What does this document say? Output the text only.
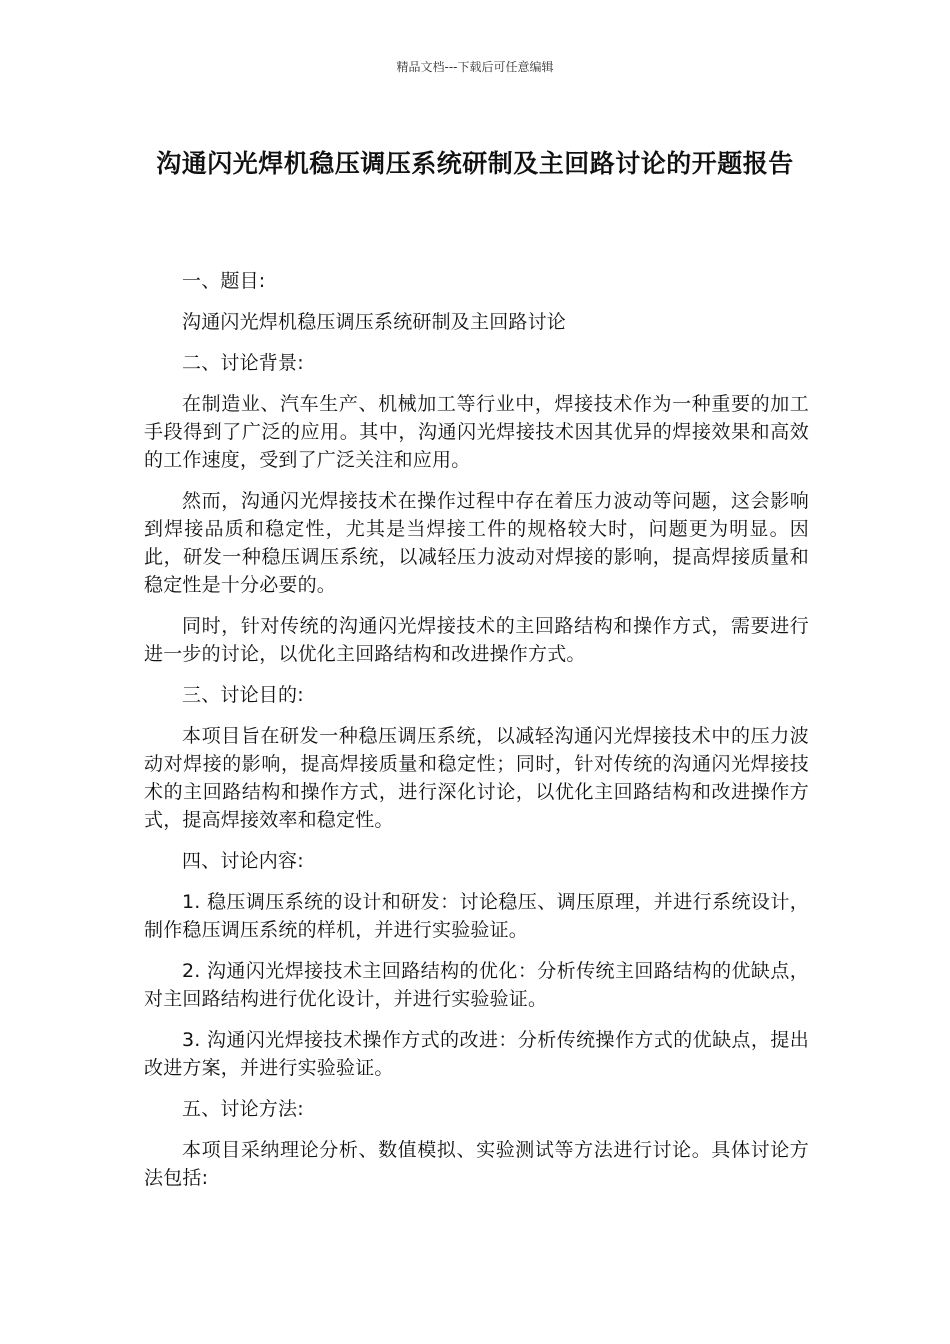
精品文档---下载后可任意编辑
沟通闪光焊机稳压调压系统研制及主回路讨论的开题报告

一、题目:

沟通闪光焊机稳压调压系统研制及主回路讨论

二、讨论背景:

在制造业、汽车生产、机械加工等行业中，焊接技术作为一种重要的加工手段得到了广泛的应用。其中，沟通闪光焊接技术因其优异的焊接效果和高效的工作速度，受到了广泛关注和应用。

然而，沟通闪光焊接技术在操作过程中存在着压力波动等问题，这会影响到焊接品质和稳定性，尤其是当焊接工件的规格较大时，问题更为明显。因此，研发一种稳压调压系统，以减轻压力波动对焊接的影响，提高焊接质量和稳定性是十分必要的。

同时，针对传统的沟通闪光焊接技术的主回路结构和操作方式，需要进行进一步的讨论，以优化主回路结构和改进操作方式。

三、讨论目的:

本项目旨在研发一种稳压调压系统，以减轻沟通闪光焊接技术中的压力波动对焊接的影响，提高焊接质量和稳定性；同时，针对传统的沟通闪光焊接技术的主回路结构和操作方式，进行深化讨论，以优化主回路结构和改进操作方式，提高焊接效率和稳定性。

四、讨论内容:

1. 稳压调压系统的设计和研发：讨论稳压、调压原理，并进行系统设计，制作稳压调压系统的样机，并进行实验验证。

2. 沟通闪光焊接技术主回路结构的优化：分析传统主回路结构的优缺点，对主回路结构进行优化设计，并进行实验验证。

3. 沟通闪光焊接技术操作方式的改进：分析传统操作方式的优缺点，提出改进方案，并进行实验验证。

五、讨论方法:

本项目采纳理论分析、数值模拟、实验测试等方法进行讨论。具体讨论方法包括:
